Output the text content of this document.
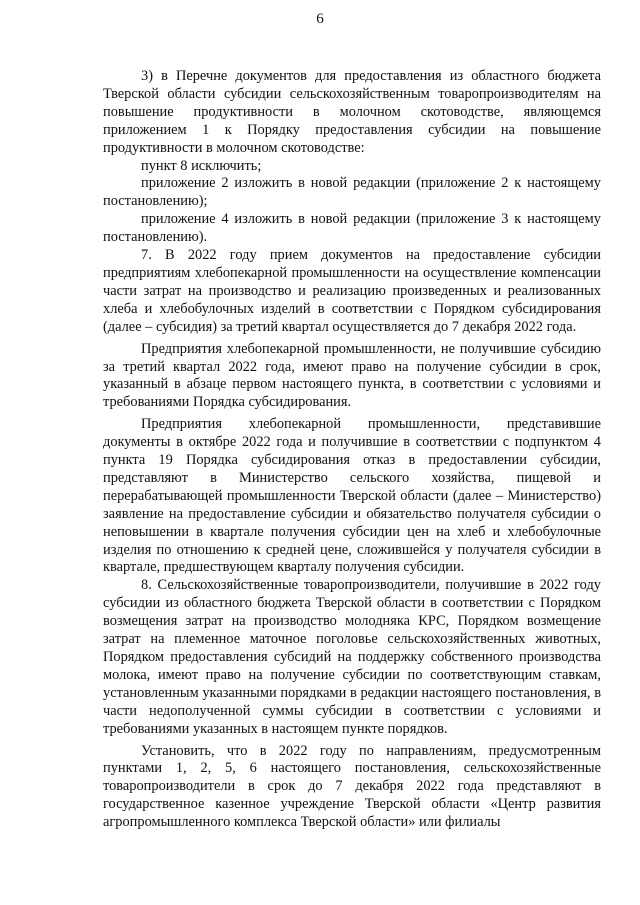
6

3) в Перечне документов для предоставления из областного бюджета Тверской области субсидии сельскохозяйственным товаропроизводителям на повышение продуктивности в молочном скотоводстве, являющемся приложением 1 к Порядку предоставления субсидии на повышение продуктивности в молочном скотоводстве:

пункт 8 исключить;

приложение 2 изложить в новой редакции (приложение 2 к настоящему постановлению);

приложение 4 изложить в новой редакции (приложение 3 к настоящему постановлению).

7. В 2022 году прием документов на предоставление субсидии предприятиям хлебопекарной промышленности на осуществление компенсации части затрат на производство и реализацию произведенных и реализованных хлеба и хлебобулочных изделий в соответствии с Порядком субсидирования (далее – субсидия) за третий квартал осуществляется до 7 декабря 2022 года.

Предприятия хлебопекарной промышленности, не получившие субсидию за третий квартал 2022 года, имеют право на получение субсидии в срок, указанный в абзаце первом настоящего пункта, в соответствии с условиями и требованиями Порядка субсидирования.

Предприятия хлебопекарной промышленности, представившие документы в октябре 2022 года и получившие в соответствии с подпунктом 4 пункта 19 Порядка субсидирования отказ в предоставлении субсидии, представляют в Министерство сельского хозяйства, пищевой и перерабатывающей промышленности Тверской области (далее – Министерство) заявление на предоставление субсидии и обязательство получателя субсидии о неповышении в квартале получения субсидии цен на хлеб и хлебобулочные изделия по отношению к средней цене, сложившейся у получателя субсидии в квартале, предшествующем кварталу получения субсидии.

8. Сельскохозяйственные товаропроизводители, получившие в 2022 году субсидии из областного бюджета Тверской области в соответствии с Порядком возмещения затрат на производство молодняка КРС, Порядком возмещение затрат на племенное маточное поголовье сельскохозяйственных животных, Порядком предоставления субсидий на поддержку собственного производства молока, имеют право на получение субсидии по соответствующим ставкам, установленным указанными порядками в редакции настоящего постановления, в части недополученной суммы субсидии в соответствии с условиями и требованиями указанных в настоящем пункте порядков.

Установить, что в 2022 году по направлениям, предусмотренным пунктами 1, 2, 5, 6 настоящего постановления, сельскохозяйственные товаропроизводители в срок до 7 декабря 2022 года представляют в государственное казенное учреждение Тверской области «Центр развития агропромышленного комплекса Тверской области» или филиалы
